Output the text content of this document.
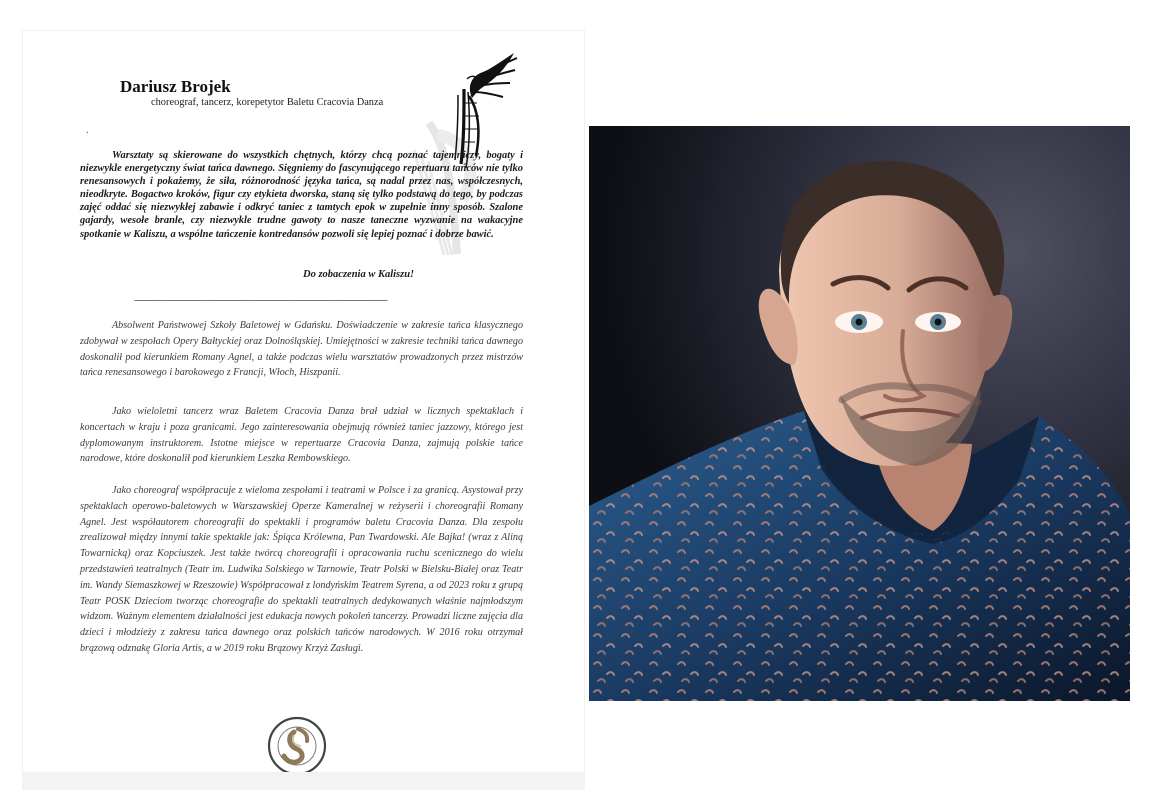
Dariusz Brojek
choreograf, tancerz, korepetytor Baletu Cracovia Danza
.

Warsztaty są skierowane do wszystkich chętnych, którzy chcą poznać tajemniczy, bogaty i niezwykle energetyczny świat tańca dawnego. Sięgniemy do fascynującego repertuaru tańców nie tylko renesansowych i pokażemy, że siła, różnorodność języka tańca, są nadal przez nas, współczesnych, nieodkryte. Bogactwo kroków, figur czy etykieta dworska, staną się tylko podstawą do tego, by podczas zajęć oddać się niezwykłej zabawie i odkryć taniec z tamtych epok w zupełnie inny sposób. Szalone gajardy, wesołe branle, czy niezwykle trudne gawoty to nasze taneczne wyzwanie na wakacyjne spotkanie w Kaliszu, a wspólne tańczenie kontredansów pozwoli się lepiej poznać i dobrze bawić.

Do zobaczenia w Kaliszu!
----------------------------------------------------------------------------------------------------

Absolwent Państwowej Szkoły Baletowej w Gdańsku. Doświadczenie w zakresie tańca klasycznego zdobywał w zespołach Opery Bałtyckiej oraz Dolnośląskiej. Umiejętności w zakresie techniki tańca dawnego doskonalił pod kierunkiem Romany Agnel, a także podczas wielu warsztatów prowadzonych przez mistrzów tańca renesansowego i barokowego z Francji, Włoch, Hiszpanii.

Jako wieloletni tancerz wraz Baletem Cracovia Danza brał udział w licznych spektaklach i koncertach w kraju i poza granicami. Jego zainteresowania obejmują również taniec jazzowy, którego jest dyplomowanym instruktorem. Istotne miejsce w repertuarze Cracovia Danza, zajmują polskie tańce narodowe, które doskonalił pod kierunkiem Leszka Rembowskiego.

Jako choreograf współpracuje z wieloma zespołami i teatrami w Polsce i za granicą. Asystował przy spektaklach operowo-baletowych w Warszawskiej Operze Kameralnej w reżyserii i choreografii Romany Agnel. Jest współautorem choreografii do spektakli i programów baletu Cracovia Danza. Dla zespołu zrealizował między innymi takie spektakle jak: Śpiąca Królewna, Pan Twardowski. Ale Bajka! (wraz z Aliną Towarnicką) oraz Kopciuszek. Jest także twórcą choreografii i opracowania ruchu scenicznego do wielu przedstawień teatralnych (Teatr im. Ludwika Solskiego w Tarnowie, Teatr Polski w Bielsku-Białej oraz Teatr im. Wandy Siemaszkowej w Rzeszowie) Współpracował z londyńskim Teatrem Syrena, a od 2023 roku z grupą Teatr POSK Dzieciom tworząc choreografie do spektakli teatralnych dedykowanych właśnie najmłodszym widzom. Ważnym elementem działalności jest edukacja nowych pokoleń tancerzy. Prowadzi liczne zajęcia dla dzieci i młodzieży z zakresu tańca dawnego oraz polskich tańców narodowych. W 2016 roku otrzymał brązową odznakę Gloria Artis, a w 2019 roku Brązowy Krzyż Zasługi.
